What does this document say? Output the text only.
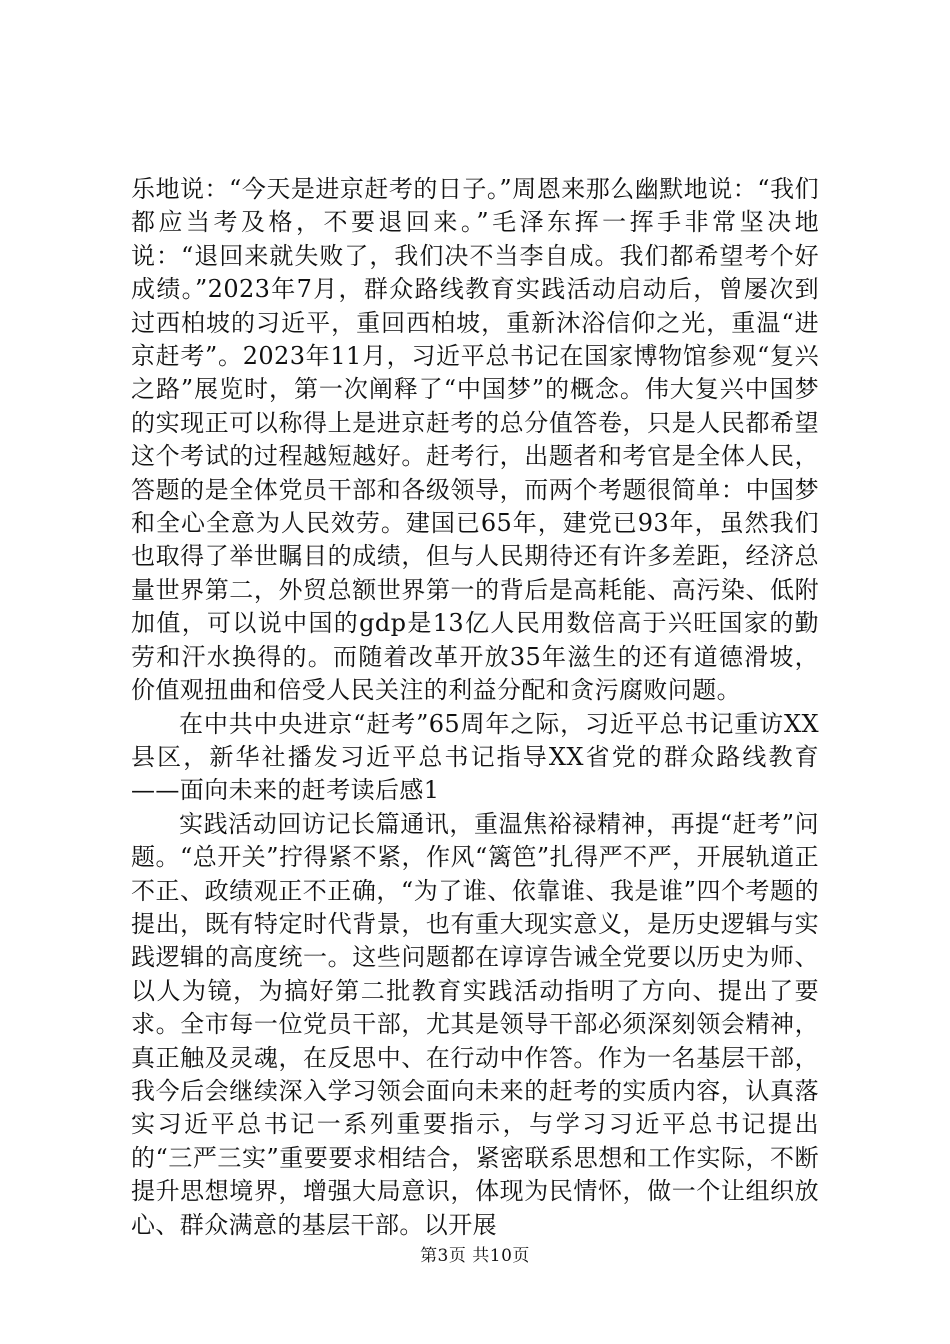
乐地说：“今天是进京赶考的日子。”周恩来那么幽默地说：“我们都应当考及格，不要退回来。”毛泽东挥一挥手非常坚决地说：“退回来就失败了，我们决不当李自成。我们都希望考个好成绩。”2023年7月，群众路线教育实践活动启动后，曾屡次到过西柏坡的习近平，重回西柏坡，重新沐浴信仰之光，重温“进京赶考”。2023年11月，习近平总书记在国家博物馆参观“复兴之路”展览时，第一次阐释了“中国梦”的概念。伟大复兴中国梦的实现正可以称得上是进京赶考的总分值答卷，只是人民都希望这个考试的过程越短越好。赶考行，出题者和考官是全体人民，答题的是全体党员干部和各级领导，而两个考题很简单：中国梦和全心全意为人民效劳。建国已65年，建党已93年，虽然我们也取得了举世瞩目的成绩，但与人民期待还有许多差距，经济总量世界第二，外贸总额世界第一的背后是高耗能、高污染、低附加值，可以说中国的gdp是13亿人民用数倍高于兴旺国家的勤劳和汗水换得的。而随着改革开放35年滋生的还有道德滑坡，价值观扭曲和倍受人民关注的利益分配和贪污腐败问题。

在中共中央进京“赶考”65周年之际，习近平总书记重访XX县区，新华社播发习近平总书记指导XX省党的群众路线教育——面向未来的赶考读后感1

实践活动回访记长篇通讯，重温焦裕禄精神，再提“赶考”问题。“总开关”拧得紧不紧，作风“篱笆”扎得严不严，开展轨道正不正、政绩观正不正确，“为了谁、依靠谁、我是谁”四个考题的提出，既有特定时代背景，也有重大现实意义，是历史逻辑与实践逻辑的高度统一。这些问题都在谆谆告诫全党要以历史为师、以人为镜，为搞好第二批教育实践活动指明了方向、提出了要求。全市每一位党员干部，尤其是领导干部必须深刻领会精神，真正触及灵魂，在反思中、在行动中作答。作为一名基层干部，我今后会继续深入学习领会面向未来的赶考的实质内容，认真落实习近平总书记一系列重要指示，与学习习近平总书记提出的“三严三实”重要要求相结合，紧密联系思想和工作实际，不断提升思想境界，增强大局意识，体现为民情怀，做一个让组织放心、群众满意的基层干部。以开展

第3页 共10页
